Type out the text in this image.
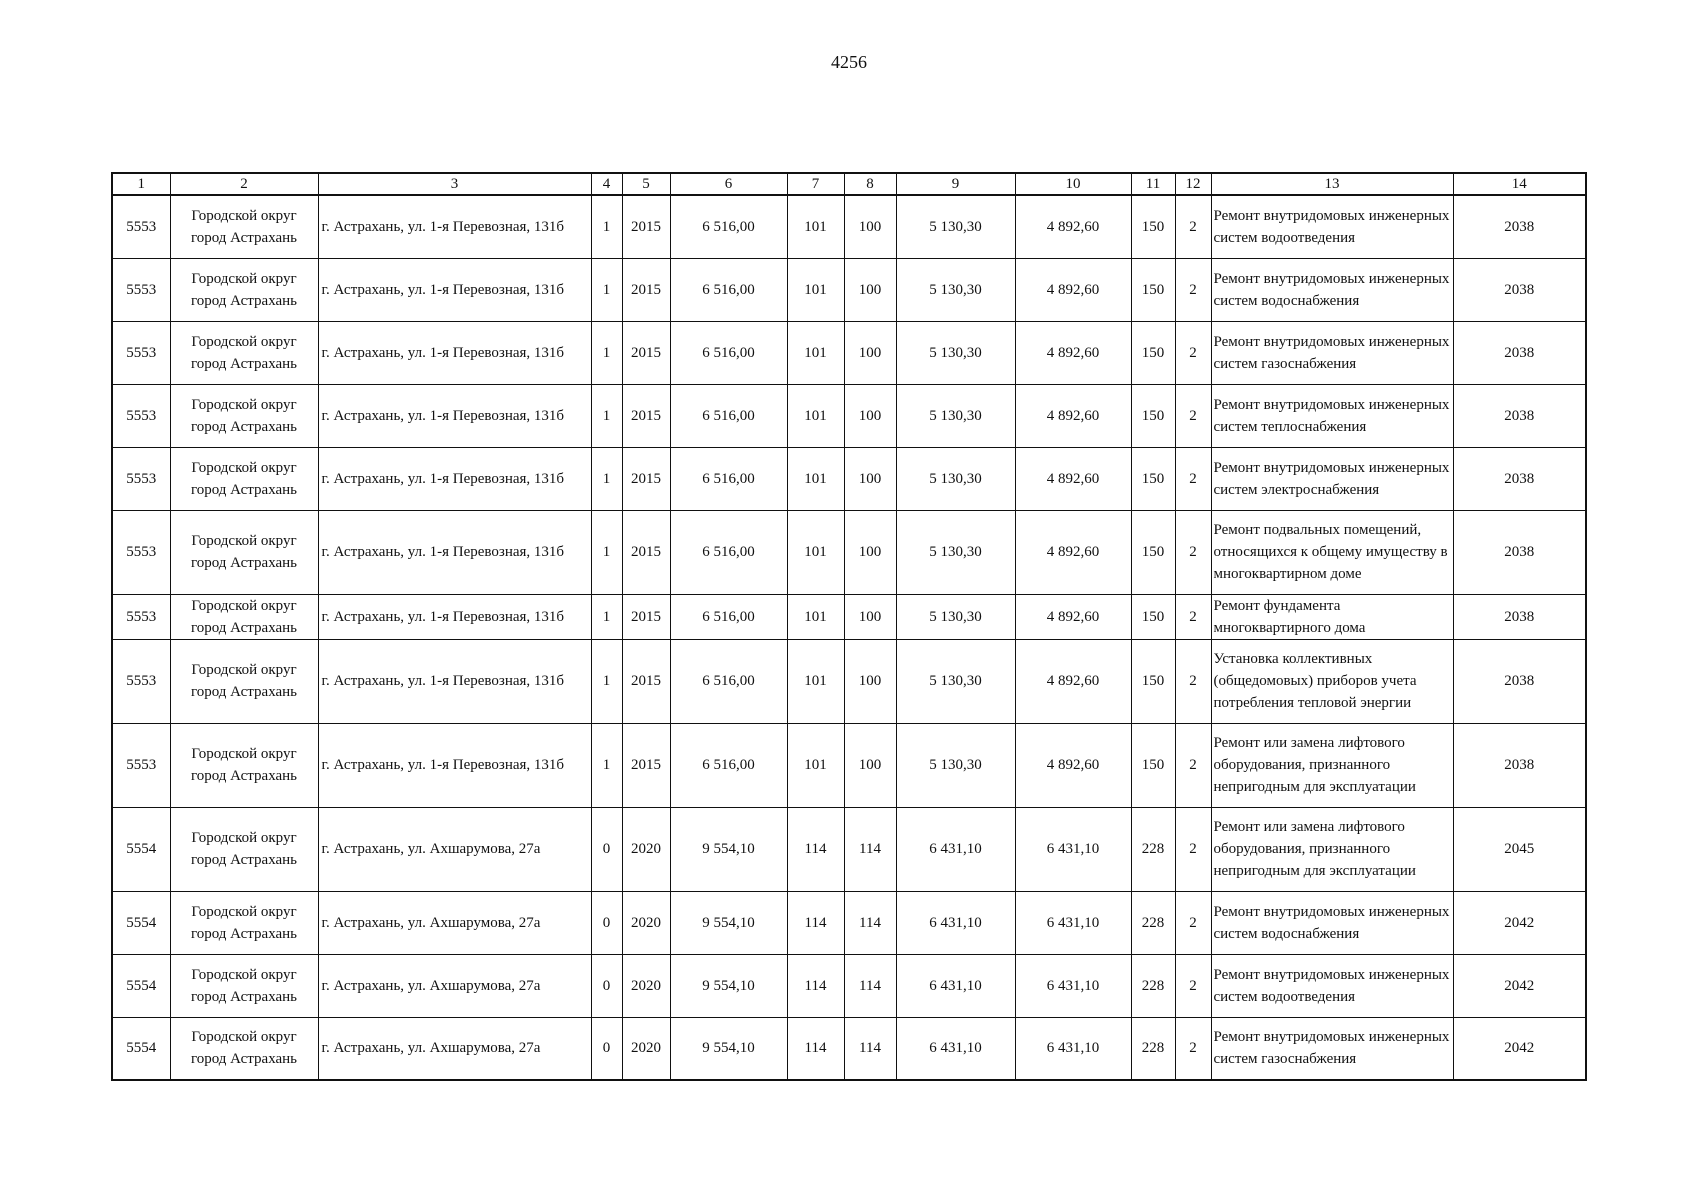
4256
1	2	3	4	5	6	7	8	9	10	11	12	13	14
5553	Городской округ город Астрахань	г. Астрахань, ул. 1-я Перевозная, 131б	1	2015	6 516,00	101	100	5 130,30	4 892,60	150	2	Ремонт внутридомовых инженерных систем водоотведения	2038
5553	Городской округ город Астрахань	г. Астрахань, ул. 1-я Перевозная, 131б	1	2015	6 516,00	101	100	5 130,30	4 892,60	150	2	Ремонт внутридомовых инженерных систем водоснабжения	2038
5553	Городской округ город Астрахань	г. Астрахань, ул. 1-я Перевозная, 131б	1	2015	6 516,00	101	100	5 130,30	4 892,60	150	2	Ремонт внутридомовых инженерных систем газоснабжения	2038
5553	Городской округ город Астрахань	г. Астрахань, ул. 1-я Перевозная, 131б	1	2015	6 516,00	101	100	5 130,30	4 892,60	150	2	Ремонт внутридомовых инженерных систем теплоснабжения	2038
5553	Городской округ город Астрахань	г. Астрахань, ул. 1-я Перевозная, 131б	1	2015	6 516,00	101	100	5 130,30	4 892,60	150	2	Ремонт внутридомовых инженерных систем электроснабжения	2038
5553	Городской округ город Астрахань	г. Астрахань, ул. 1-я Перевозная, 131б	1	2015	6 516,00	101	100	5 130,30	4 892,60	150	2	Ремонт подвальных помещений, относящихся к общему имуществу в многоквартирном доме	2038
5553	Городской округ город Астрахань	г. Астрахань, ул. 1-я Перевозная, 131б	1	2015	6 516,00	101	100	5 130,30	4 892,60	150	2	Ремонт фундамента многоквартирного дома	2038
5553	Городской округ город Астрахань	г. Астрахань, ул. 1-я Перевозная, 131б	1	2015	6 516,00	101	100	5 130,30	4 892,60	150	2	Установка коллективных (общедомовых) приборов учета потребления тепловой энергии	2038
5553	Городской округ город Астрахань	г. Астрахань, ул. 1-я Перевозная, 131б	1	2015	6 516,00	101	100	5 130,30	4 892,60	150	2	Ремонт или замена лифтового оборудования, признанного непригодным для эксплуатации	2038
5554	Городской округ город Астрахань	г. Астрахань, ул. Ахшарумова, 27а	0	2020	9 554,10	114	114	6 431,10	6 431,10	228	2	Ремонт или замена лифтового оборудования, признанного непригодным для эксплуатации	2045
5554	Городской округ город Астрахань	г. Астрахань, ул. Ахшарумова, 27а	0	2020	9 554,10	114	114	6 431,10	6 431,10	228	2	Ремонт внутридомовых инженерных систем водоснабжения	2042
5554	Городской округ город Астрахань	г. Астрахань, ул. Ахшарумова, 27а	0	2020	9 554,10	114	114	6 431,10	6 431,10	228	2	Ремонт внутридомовых инженерных систем водоотведения	2042
5554	Городской округ город Астрахань	г. Астрахань, ул. Ахшарумова, 27а	0	2020	9 554,10	114	114	6 431,10	6 431,10	228	2	Ремонт внутридомовых инженерных систем газоснабжения	2042
